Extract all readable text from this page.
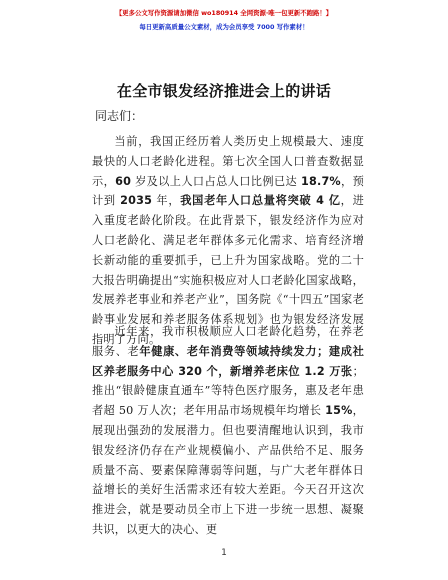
【更多公文写作资源请加微信 wo180914 全网资源·唯一包更新不跑路！】
每日更新高质量公文素材，成为会员享受 7000 写作素材！
在全市银发经济推进会上的讲话
同志们：

当前，我国正经历着人类历史上规模最大、速度最快的人口老龄化进程。第七次全国人口普查数据显示，60 岁及以上人口占总人口比例已达 18.7%，预计到 2035 年，我国老年人口总量将突破 4 亿，进入重度老龄化阶段。在此背景下，银发经济作为应对人口老龄化、满足老年群体多元化需求、培育经济增长新动能的重要抓手，已上升为国家战略。党的二十大报告明确提出“实施积极应对人口老龄化国家战略，发展养老事业和养老产业”，国务院《“十四五”国家老龄事业发展和养老服务体系规划》也为银发经济发展指明了方向。

近年来，我市积极顺应人口老龄化趋势，在养老服务、老年健康、老年消费等领域持续发力；建成社区养老服务中心 320 个，新增养老床位 1.2 万张；推出“银龄健康直通车”等特色医疗服务，惠及老年患者超 50 万人次；老年用品市场规模年均增长 15%，展现出强劲的发展潜力。但也要清醒地认识到，我市银发经济仍存在产业规模偏小、产品供给不足、服务质量不高、要素保障薄弱等问题，与广大老年群体日益增长的美好生活需求还有较大差距。今天召开这次推进会，就是要动员全市上下进一步统一思想、凝聚共识，以更大的决心、更

1
